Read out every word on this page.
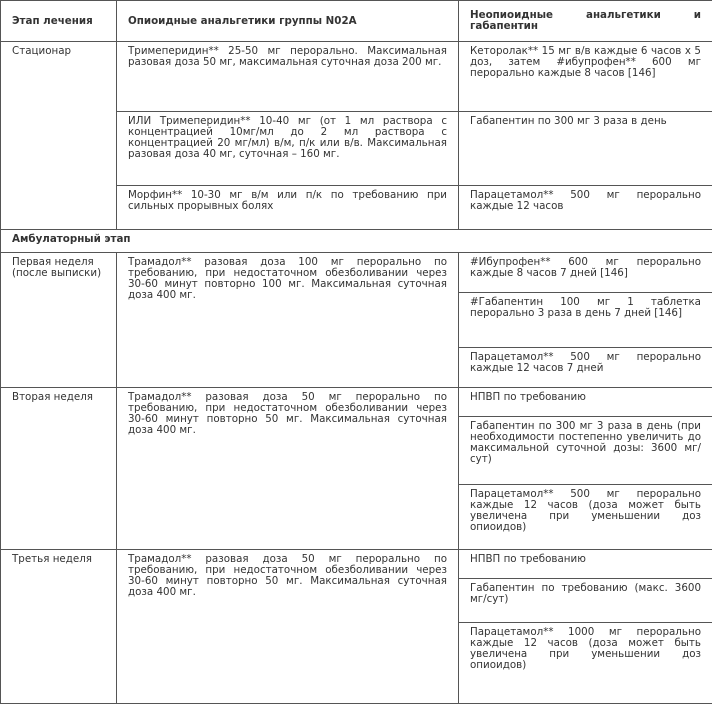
Этап лечения	Опиоидные анальгетики группы N02A	Неопиоидные анальгетики и габапентин
Стационар	Тримеперидин** 25-50 мг перорально. Максимальная разовая доза 50 мг, максимальная суточная доза 200 мг.	Кеторолак** 15 мг в/в каждые 6 часов х 5 доз, затем #ибупрофен** 600 мг перорально каждые 8 часов [146]
	ИЛИ Тримеперидин** 10-40 мг (от 1 мл раствора с концентрацией 10мг/мл до 2 мл раствора с концентрацией 20 мг/мл) в/м, п/к или в/в. Максимальная разовая доза 40 мг, суточная – 160 мг.	Габапентин по 300 мг 3 раза в день
	Морфин** 10-30 мг в/м или п/к по требованию при сильных прорывных болях	Парацетамол** 500 мг перорально каждые 12 часов
Амбулаторный этап		
Первая неделя (после выписки)	Трамадол** разовая доза 100 мг перорально по требованию, при недостаточном обезболивании через 30-60 минут повторно 100 мг. Максимальная суточная доза 400 мг.	#Ибупрофен** 600 мг перорально каждые 8 часов 7 дней [146]
		#Габапентин 100 мг 1 таблетка перорально 3 раза в день 7 дней [146]
		Парацетамол** 500 мг перорально каждые 12 часов 7 дней
Вторая неделя	Трамадол** разовая доза 50 мг перорально по требованию, при недостаточном обезболивании через 30-60 минут повторно 50 мг. Максимальная суточная доза 400 мг.	НПВП по требованию
		Габапентин по 300 мг 3 раза в день (при необходимости постепенно увеличить до максимальной суточной дозы: 3600 мг/сут)
		Парацетамол** 500 мг перорально каждые 12 часов (доза может быть увеличена при уменьшении доз опиоидов)
Третья неделя	Трамадол** разовая доза 50 мг перорально по требованию, при недостаточном обезболивании через 30-60 минут повторно 50 мг. Максимальная суточная доза 400 мг.	НПВП по требованию
		Габапентин по требованию (макс. 3600 мг/сут)
		Парацетамол** 1000 мг перорально каждые 12 часов (доза может быть увеличена при уменьшении доз опиоидов)
